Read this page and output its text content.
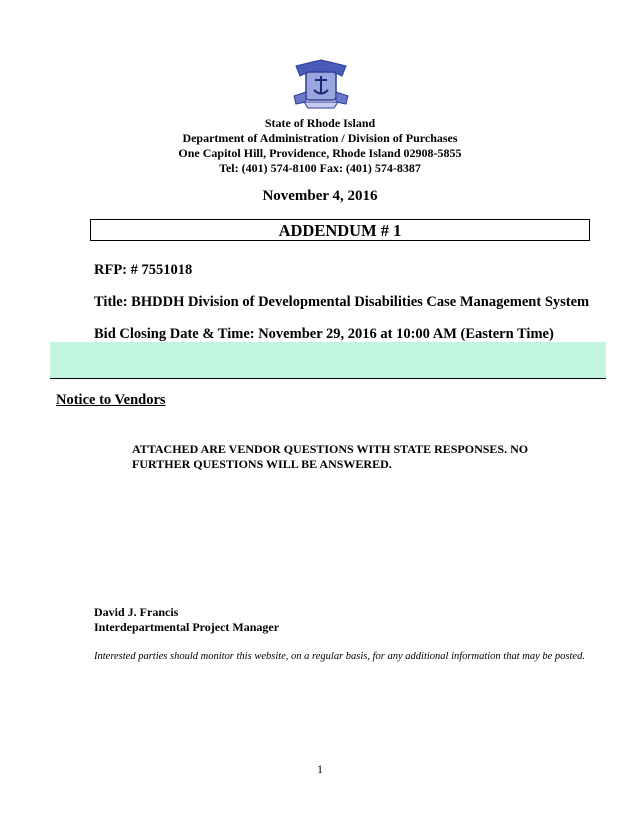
State of Rhode Island
Department of Administration / Division of Purchases
One Capitol Hill, Providence, Rhode Island 02908-5855
Tel: (401) 574-8100 Fax: (401) 574-8387
November 4, 2016
ADDENDUM # 1
RFP: # 7551018
Title: BHDDH Division of Developmental Disabilities Case Management System
Bid Closing Date & Time: November 29, 2016 at 10:00 AM (Eastern Time)
Notice to Vendors
ATTACHED ARE VENDOR QUESTIONS WITH STATE RESPONSES. NO
FURTHER QUESTIONS WILL BE ANSWERED.
David J. Francis
Interdepartmental Project Manager
Interested parties should monitor this website, on a regular basis, for any additional information that may be posted.
1
